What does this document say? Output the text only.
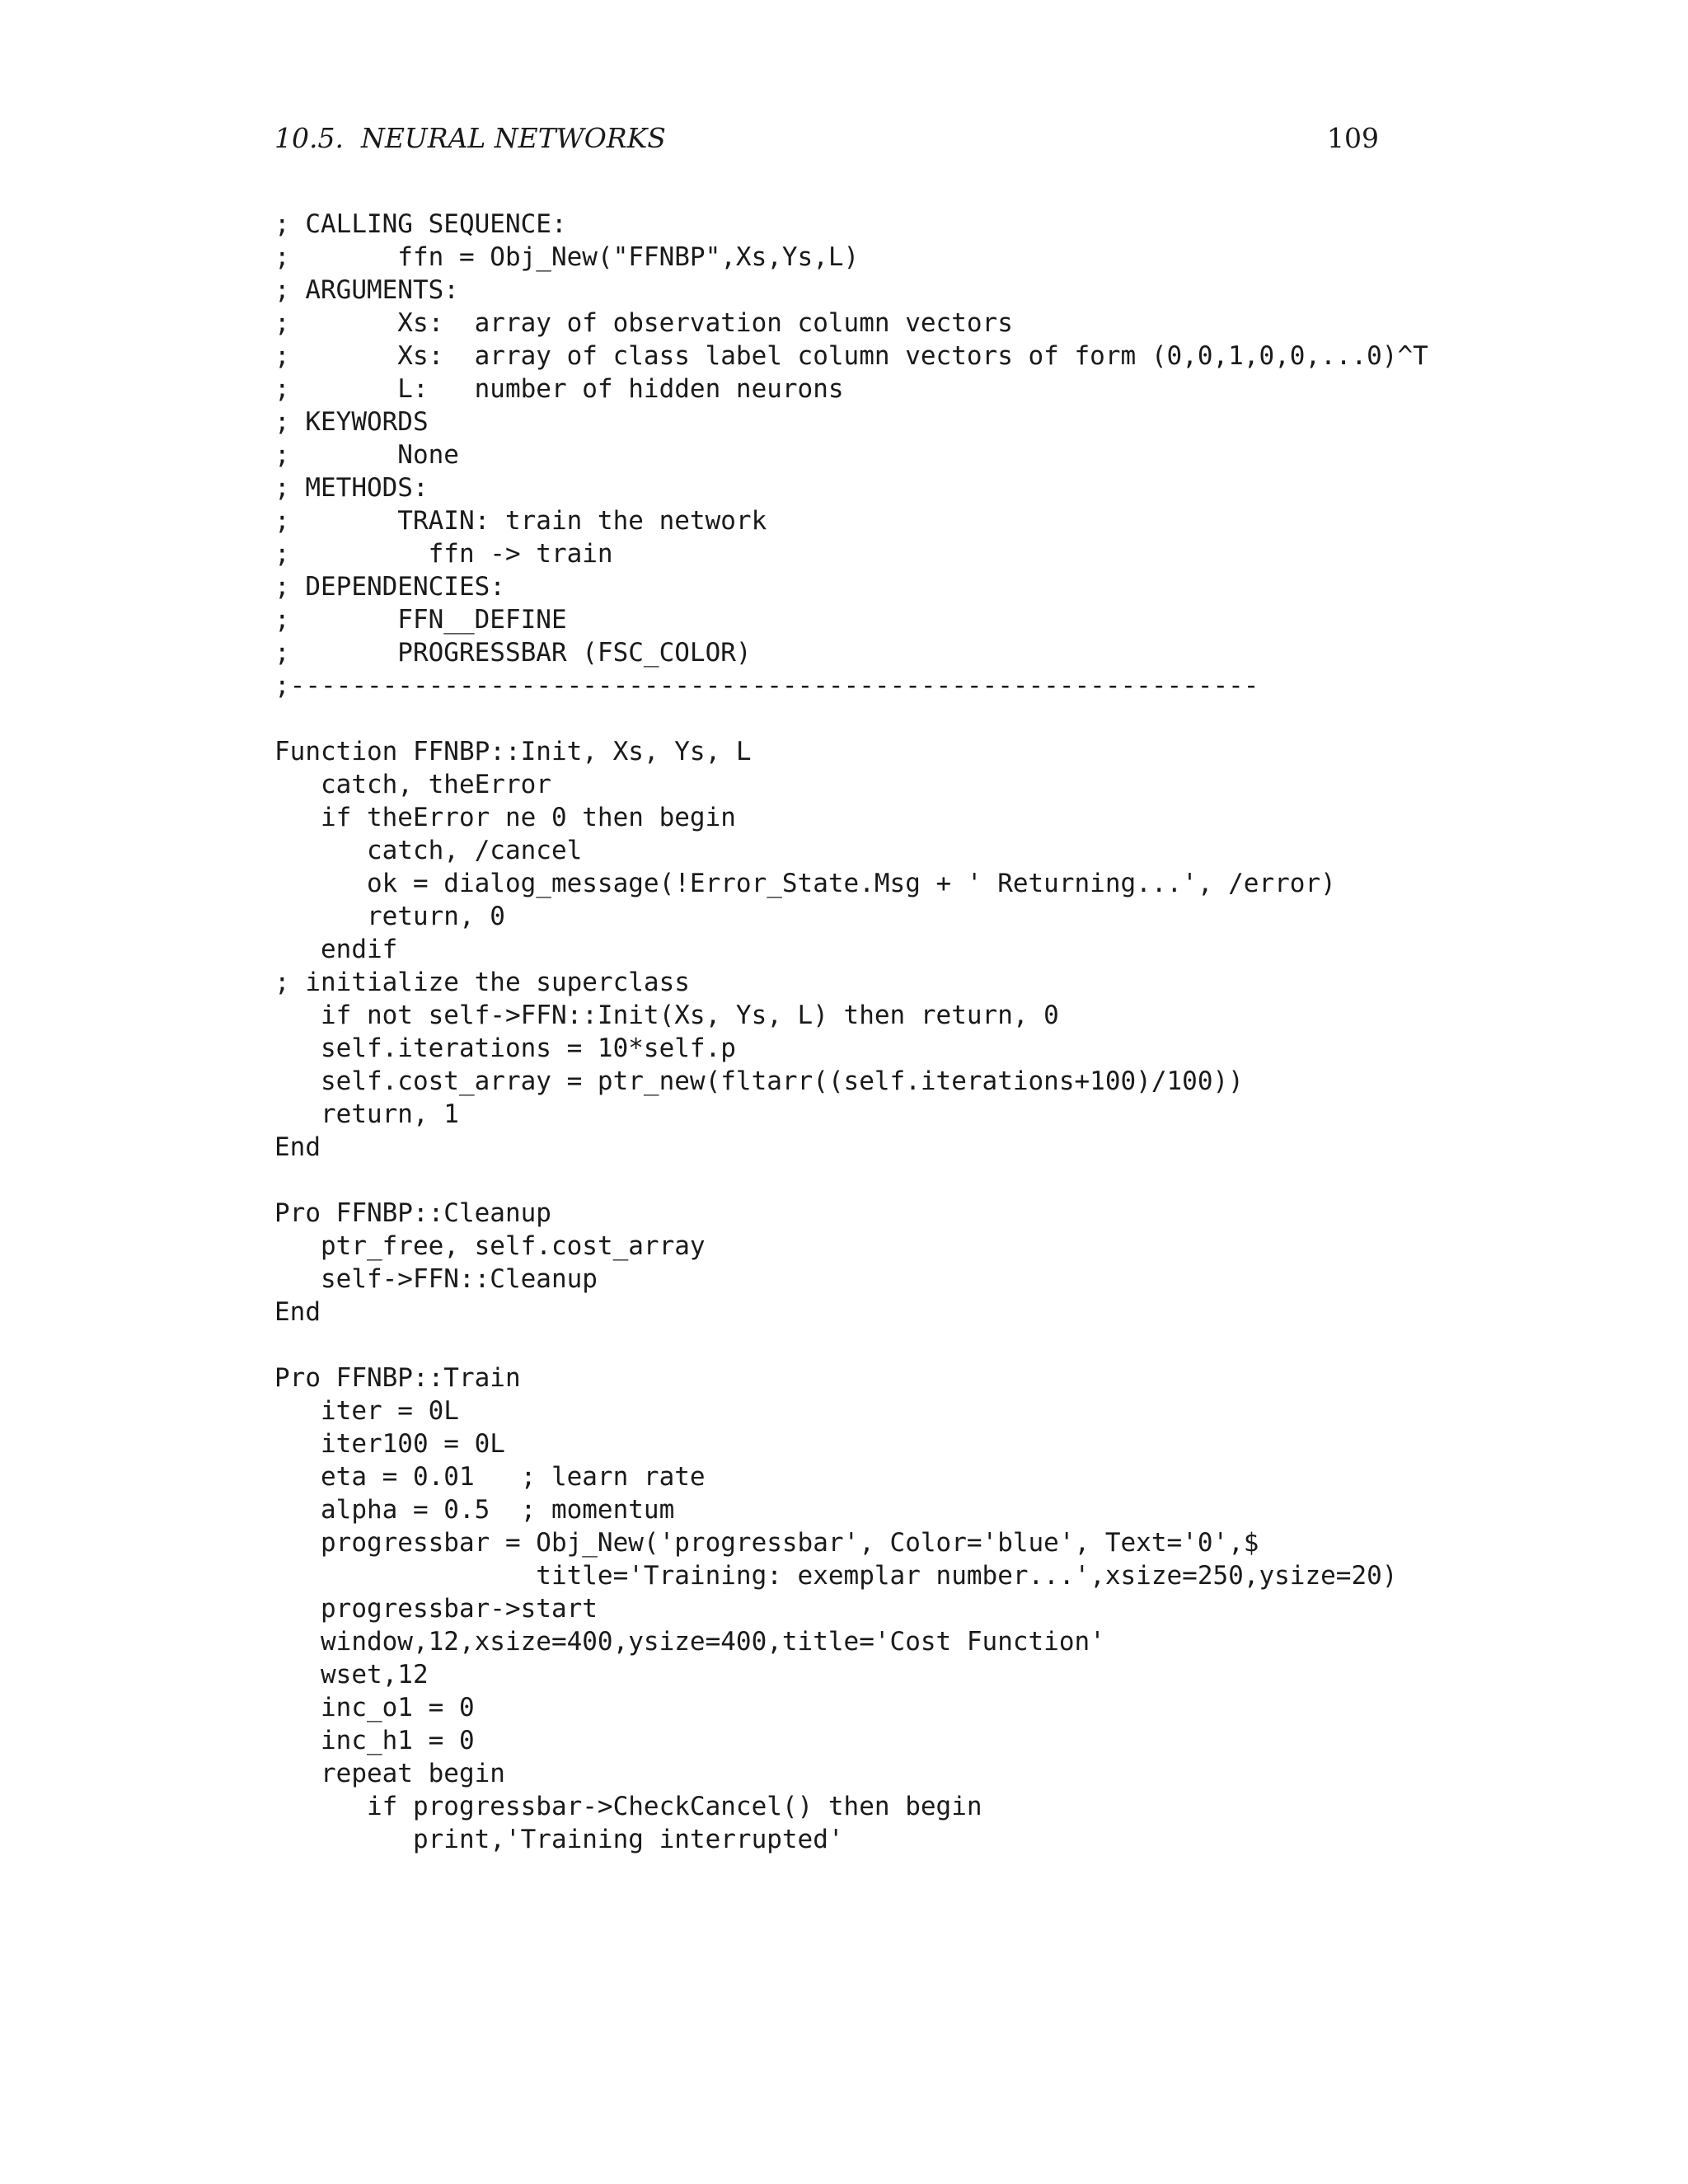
10.5.  NEURAL NETWORKS	109
; CALLING SEQUENCE:
;       ffn = Obj_New("FFNBP",Xs,Ys,L)
; ARGUMENTS:
;       Xs:  array of observation column vectors
;       Xs:  array of class label column vectors of form (0,0,1,0,0,...0)^T
;       L:   number of hidden neurons
; KEYWORDS
;       None
; METHODS:
;       TRAIN: train the network
;         ffn -> train
; DEPENDENCIES:
;       FFN__DEFINE
;       PROGRESSBAR (FSC_COLOR)
;---------------------------------------------------------------
Function FFNBP::Init, Xs, Ys, L
catch, theError
if theError ne 0 then begin
catch, /cancel
ok = dialog_message(!Error_State.Msg + ' Returning...', /error)
return, 0
endif
; initialize the superclass
if not self->FFN::Init(Xs, Ys, L) then return, 0
self.iterations = 10*self.p
self.cost_array = ptr_new(fltarr((self.iterations+100)/100))
return, 1
End
Pro FFNBP::Cleanup
ptr_free, self.cost_array
self->FFN::Cleanup
End
Pro FFNBP::Train
iter = 0L
iter100 = 0L
eta = 0.01   ; learn rate
alpha = 0.5  ; momentum
progressbar = Obj_New('progressbar', Color='blue', Text='0',$
title='Training: exemplar number...',xsize=250,ysize=20)
progressbar->start
window,12,xsize=400,ysize=400,title='Cost Function'
wset,12
inc_o1 = 0
inc_h1 = 0
repeat begin
if progressbar->CheckCancel() then begin
print,'Training interrupted'
